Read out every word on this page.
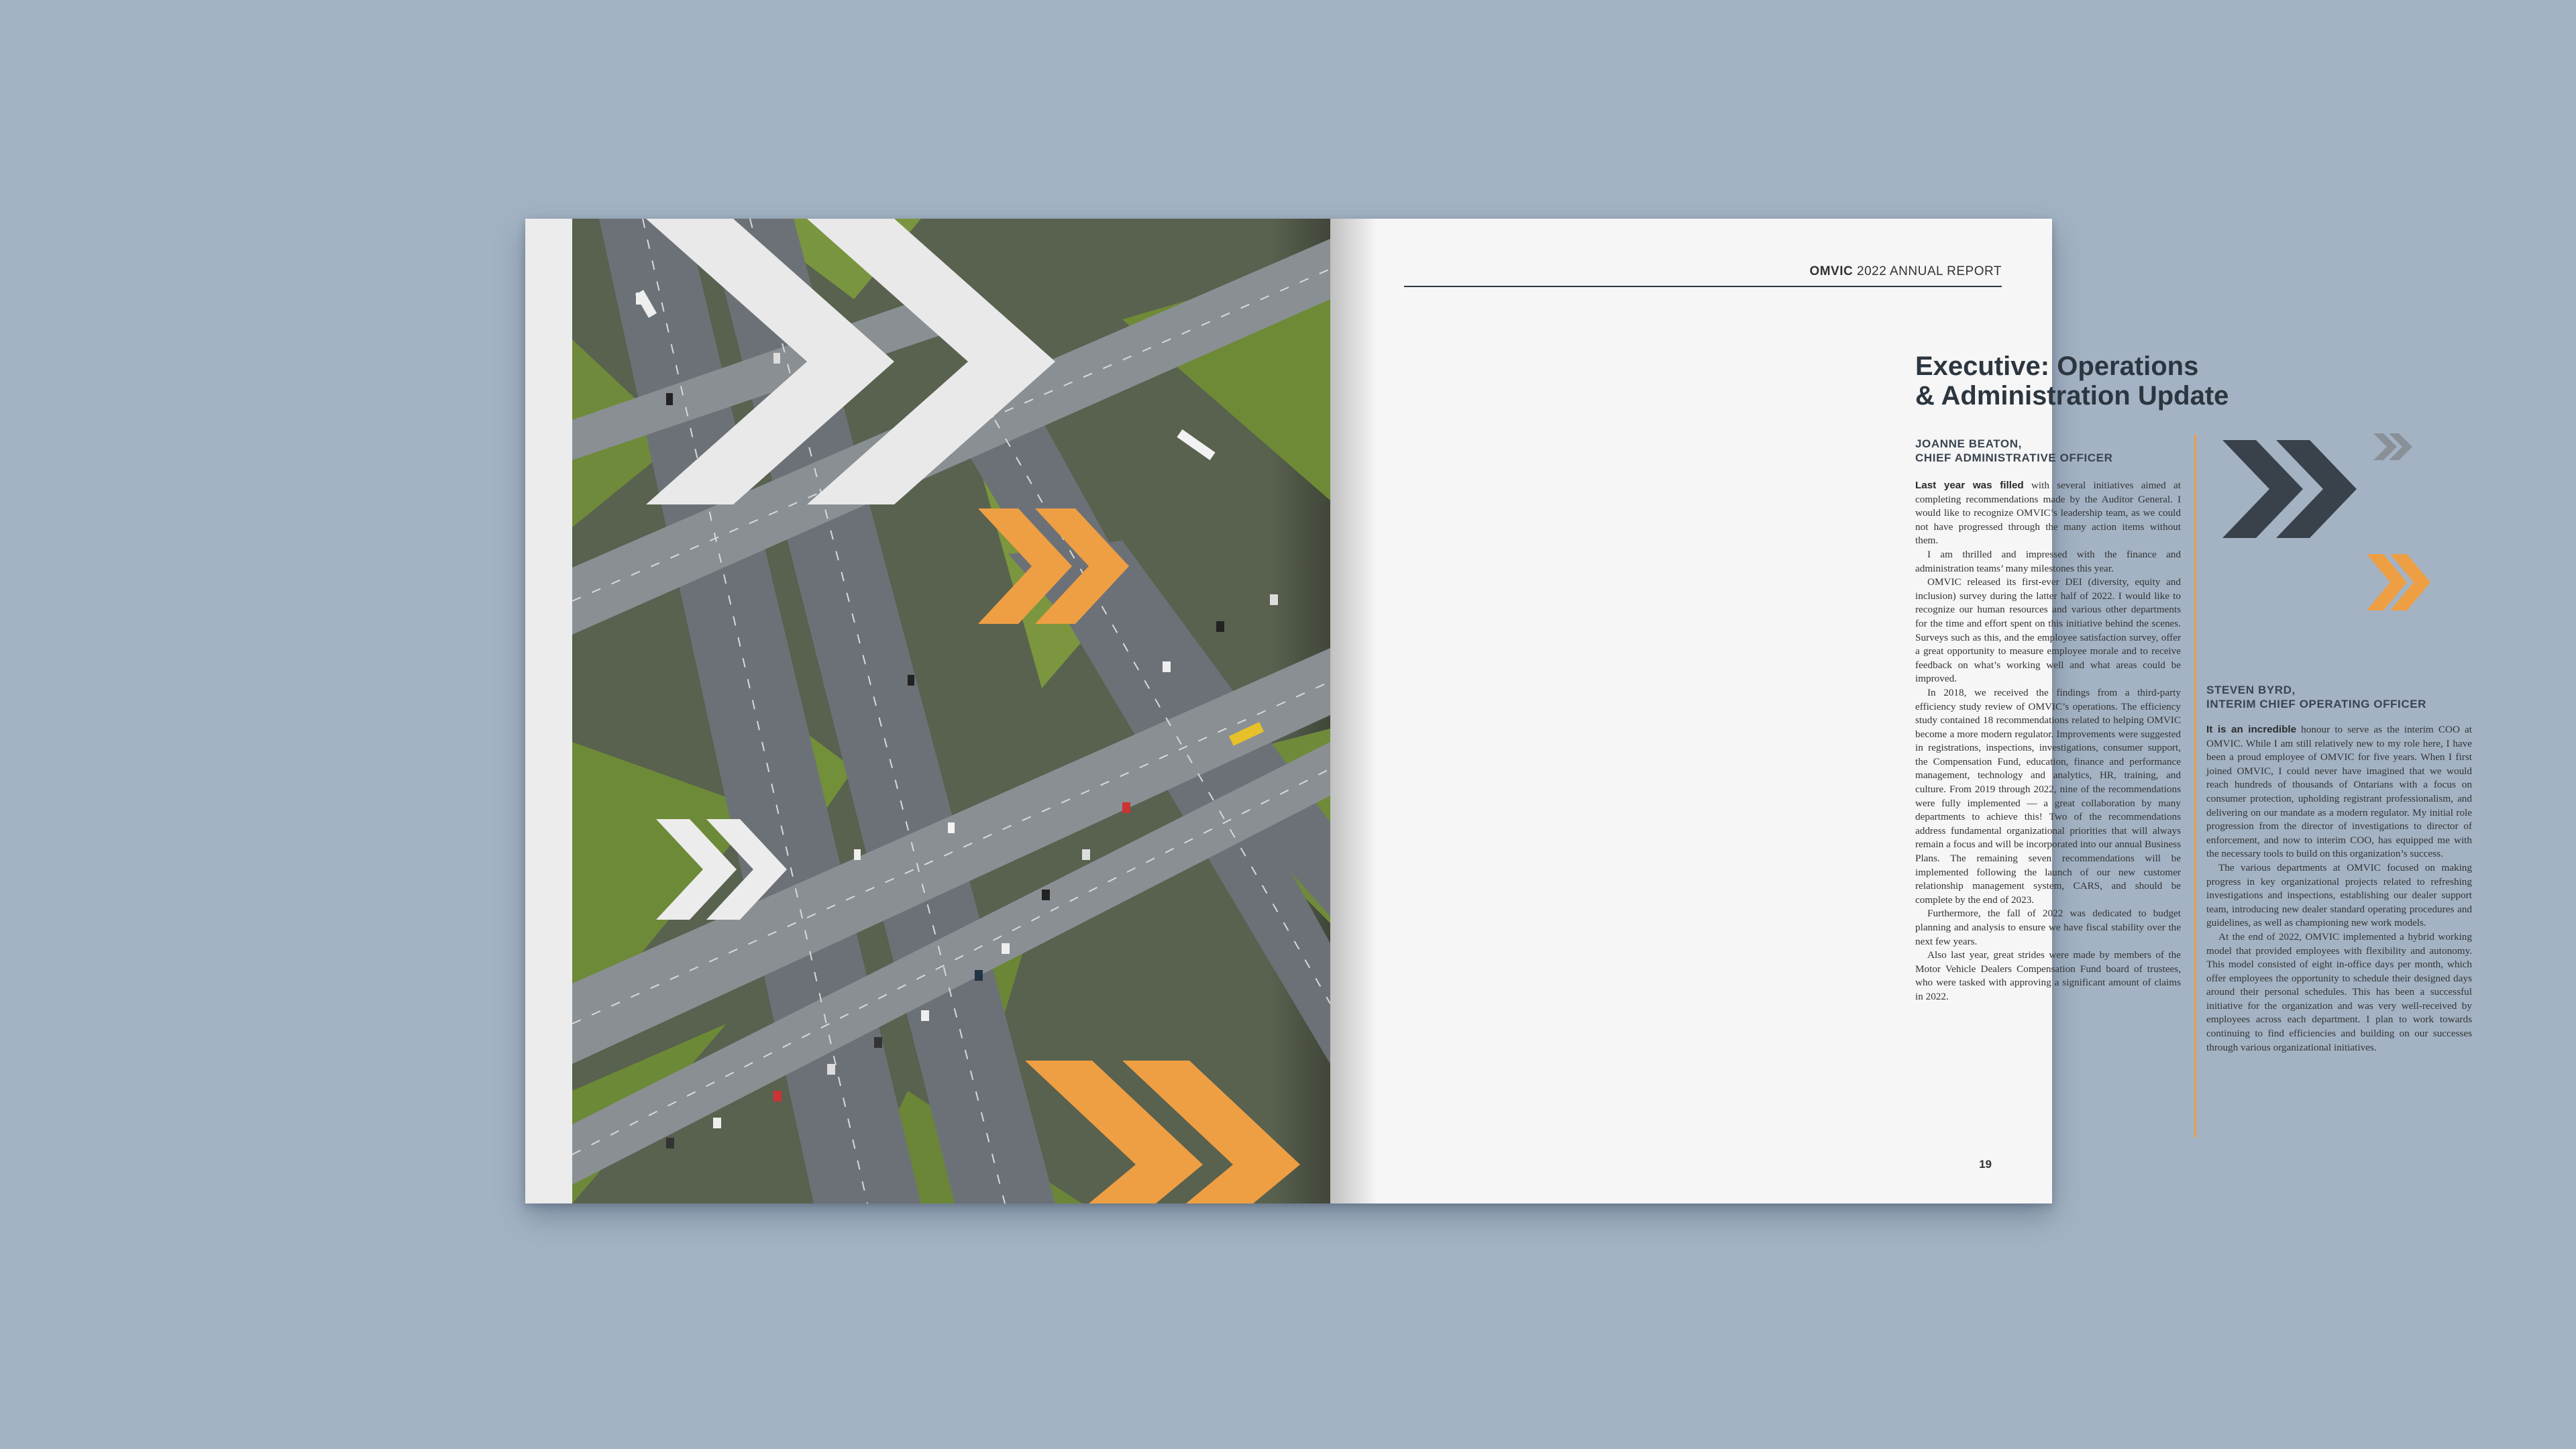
OMVIC 2022 ANNUAL REPORT
Executive: Operations
& Administration Update
JOANNE BEATON,
CHIEF ADMINISTRATIVE OFFICER

Last year was filled with several initiatives aimed at completing recommendations made by the Auditor General. I would like to recognize OMVIC’s leadership team, as we could not have progressed through the many action items without them.

I am thrilled and impressed with the finance and administration teams’ many milestones this year.

OMVIC released its first-ever DEI (diversity, equity and inclusion) survey during the latter half of 2022. I would like to recognize our human resources and various other departments for the time and effort spent on this initiative behind the scenes. Surveys such as this, and the employee satisfaction survey, offer a great opportunity to measure employee morale and to receive feedback on what’s working well and what areas could be improved.

In 2018, we received the findings from a third-party efficiency study review of OMVIC’s operations. The efficiency study contained 18 recommendations related to helping OMVIC become a more modern regulator. Improvements were suggested in registrations, inspections, investigations, consumer support, the Compensation Fund, education, finance and performance management, technology and analytics, HR, training, and culture. From 2019 through 2022, nine of the recommendations were fully implemented — a great collaboration by many departments to achieve this! Two of the recommendations address fundamental organizational priorities that will always remain a focus and will be incorporated into our annual Business Plans. The remaining seven recommendations will be implemented following the launch of our new customer relationship management system, CARS, and should be complete by the end of 2023.

Furthermore, the fall of 2022 was dedicated to budget planning and analysis to ensure we have fiscal stability over the next few years.

Also last year, great strides were made by members of the Motor Vehicle Dealers Compensation Fund board of trustees, who were tasked with approving a significant amount of claims in 2022.

STEVEN BYRD,
INTERIM CHIEF OPERATING OFFICER

It is an incredible honour to serve as the interim COO at OMVIC. While I am still relatively new to my role here, I have been a proud employee of OMVIC for five years. When I first joined OMVIC, I could never have imagined that we would reach hundreds of thousands of Ontarians with a focus on consumer protection, upholding registrant professionalism, and delivering on our mandate as a modern regulator. My initial role progression from the director of investigations to director of enforcement, and now to interim COO, has equipped me with the necessary tools to build on this organization’s success.

The various departments at OMVIC focused on making progress in key organizational projects related to refreshing investigations and inspections, establishing our dealer support team, introducing new dealer standard operating procedures and guidelines, as well as championing new work models.

At the end of 2022, OMVIC implemented a hybrid working model that provided employees with flexibility and autonomy. This model consisted of eight in-office days per month, which offer employees the opportunity to schedule their designed days around their personal schedules. This has been a successful initiative for the organization and was very well-received by employees across each department. I plan to work towards continuing to find efficiencies and building on our successes through various organizational initiatives.

19
